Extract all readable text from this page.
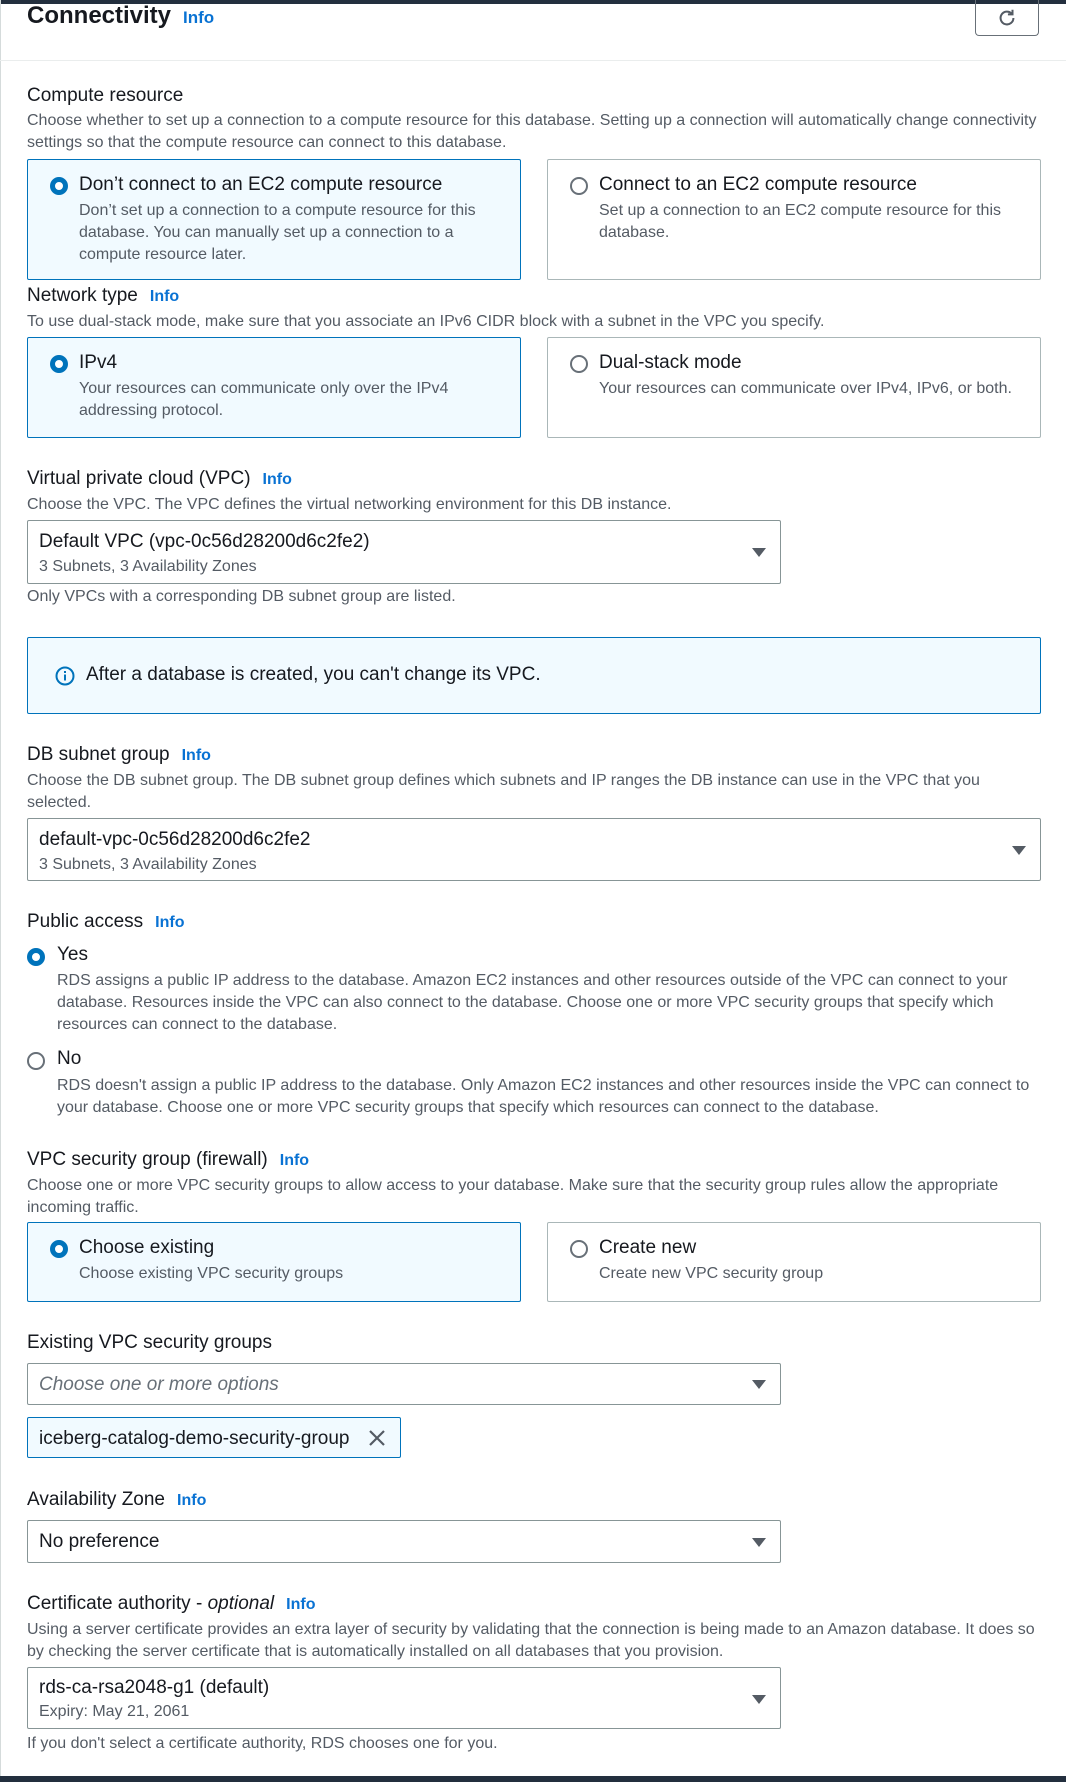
Connectivity Info
Compute resource
Choose whether to set up a connection to a compute resource for this database. Setting up a connection will automatically change connectivity settings so that the compute resource can connect to this database.
Don’t connect to an EC2 compute resource
Don’t set up a connection to a compute resource for this database. You can manually set up a connection to a compute resource later.
Connect to an EC2 compute resource
Set up a connection to an EC2 compute resource for this database.
Network type Info
To use dual-stack mode, make sure that you associate an IPv6 CIDR block with a subnet in the VPC you specify.
IPv4
Your resources can communicate only over the IPv4 addressing protocol.
Dual-stack mode
Your resources can communicate over IPv4, IPv6, or both.
Virtual private cloud (VPC) Info
Choose the VPC. The VPC defines the virtual networking environment for this DB instance.
Default VPC (vpc-0c56d28200d6c2fe2)
3 Subnets, 3 Availability Zones
Only VPCs with a corresponding DB subnet group are listed.
After a database is created, you can't change its VPC.
DB subnet group Info
Choose the DB subnet group. The DB subnet group defines which subnets and IP ranges the DB instance can use in the VPC that you selected.
default-vpc-0c56d28200d6c2fe2
3 Subnets, 3 Availability Zones
Public access Info
Yes
RDS assigns a public IP address to the database. Amazon EC2 instances and other resources outside of the VPC can connect to your database. Resources inside the VPC can also connect to the database. Choose one or more VPC security groups that specify which resources can connect to the database.
No
RDS doesn't assign a public IP address to the database. Only Amazon EC2 instances and other resources inside the VPC can connect to your database. Choose one or more VPC security groups that specify which resources can connect to the database.
VPC security group (firewall) Info
Choose one or more VPC security groups to allow access to your database. Make sure that the security group rules allow the appropriate incoming traffic.
Choose existing
Choose existing VPC security groups
Create new
Create new VPC security group
Existing VPC security groups
Choose one or more options
iceberg-catalog-demo-security-group
Availability Zone Info
No preference
Certificate authority - optional Info
Using a server certificate provides an extra layer of security by validating that the connection is being made to an Amazon database. It does so by checking the server certificate that is automatically installed on all databases that you provision.
rds-ca-rsa2048-g1 (default)
Expiry: May 21, 2061
If you don't select a certificate authority, RDS chooses one for you.
